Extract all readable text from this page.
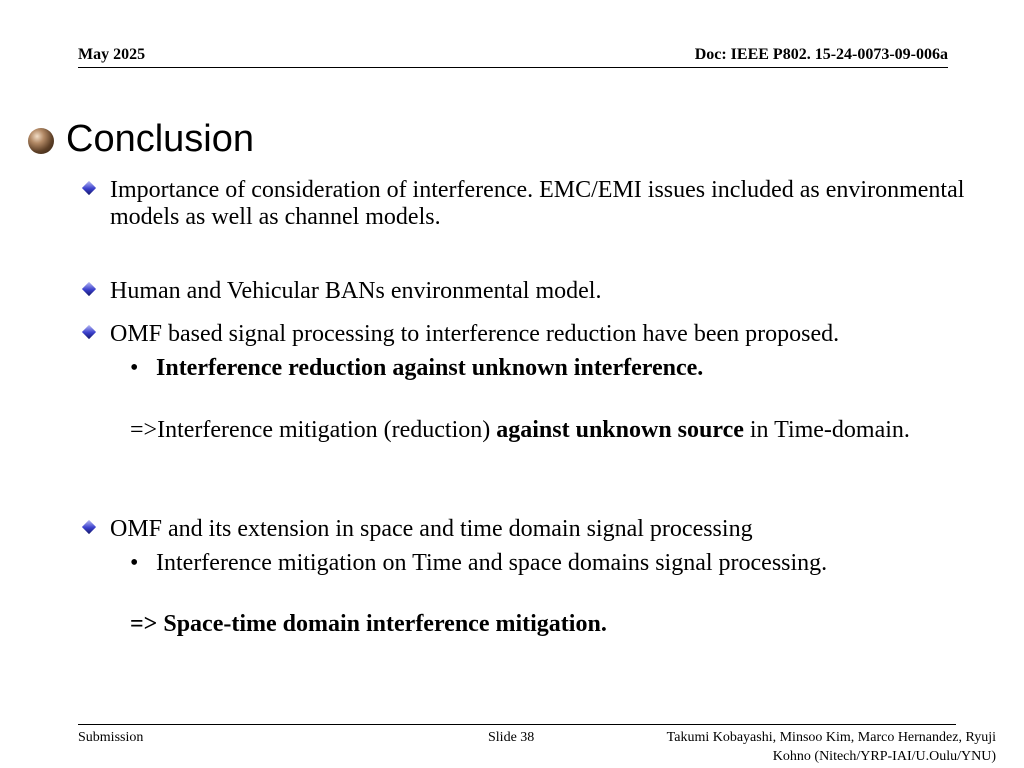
May 2025	Doc: IEEE P802. 15-24-0073-09-006a
Conclusion
Importance of consideration of interference. EMC/EMI issues included as environmental models as well as channel models.
Human and Vehicular BANs environmental model.
OMF based signal processing to interference reduction have been proposed.
• Interference reduction against unknown interference.
=>Interference mitigation (reduction) against unknown source in Time-domain.
OMF and its extension in space and time domain signal processing
• Interference mitigation on Time and space domains signal processing.
=> Space-time domain interference mitigation.
Submission	Slide 38	Takumi Kobayashi, Minsoo Kim, Marco Hernandez, Ryuji
Kohno (Nitech/YRP-IAI/U.Oulu/YNU)
